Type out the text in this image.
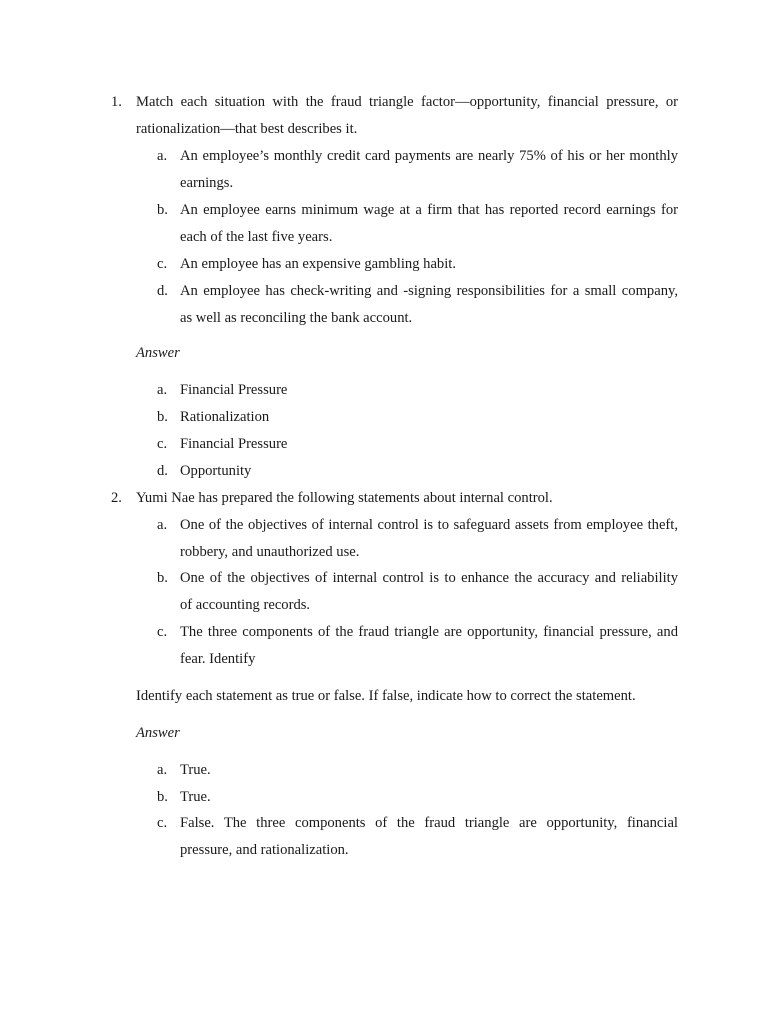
1. Match each situation with the fraud triangle factor—opportunity, financial pressure, or
rationalization—that best describes it.
a. An employee’s monthly credit card payments are nearly 75% of his or her monthly
earnings.
b. An employee earns minimum wage at a firm that has reported record earnings for
each of the last five years.
c. An employee has an expensive gambling habit.
d. An employee has check-writing and -signing responsibilities for a small company,
as well as reconciling the bank account.
Answer
a. Financial Pressure
b. Rationalization
c. Financial Pressure
d. Opportunity
2. Yumi Nae has prepared the following statements about internal control.
a. One of the objectives of internal control is to safeguard assets from employee theft,
robbery, and unauthorized use.
b. One of the objectives of internal control is to enhance the accuracy and reliability
of accounting records.
c. The three components of the fraud triangle are opportunity, financial pressure, and
fear. Identify
Identify each statement as true or false. If false, indicate how to correct the statement.
Answer
a. True.
b. True.
c. False.  The  three  components  of  the  fraud  triangle  are  opportunity,  financial
pressure, and rationalization.
